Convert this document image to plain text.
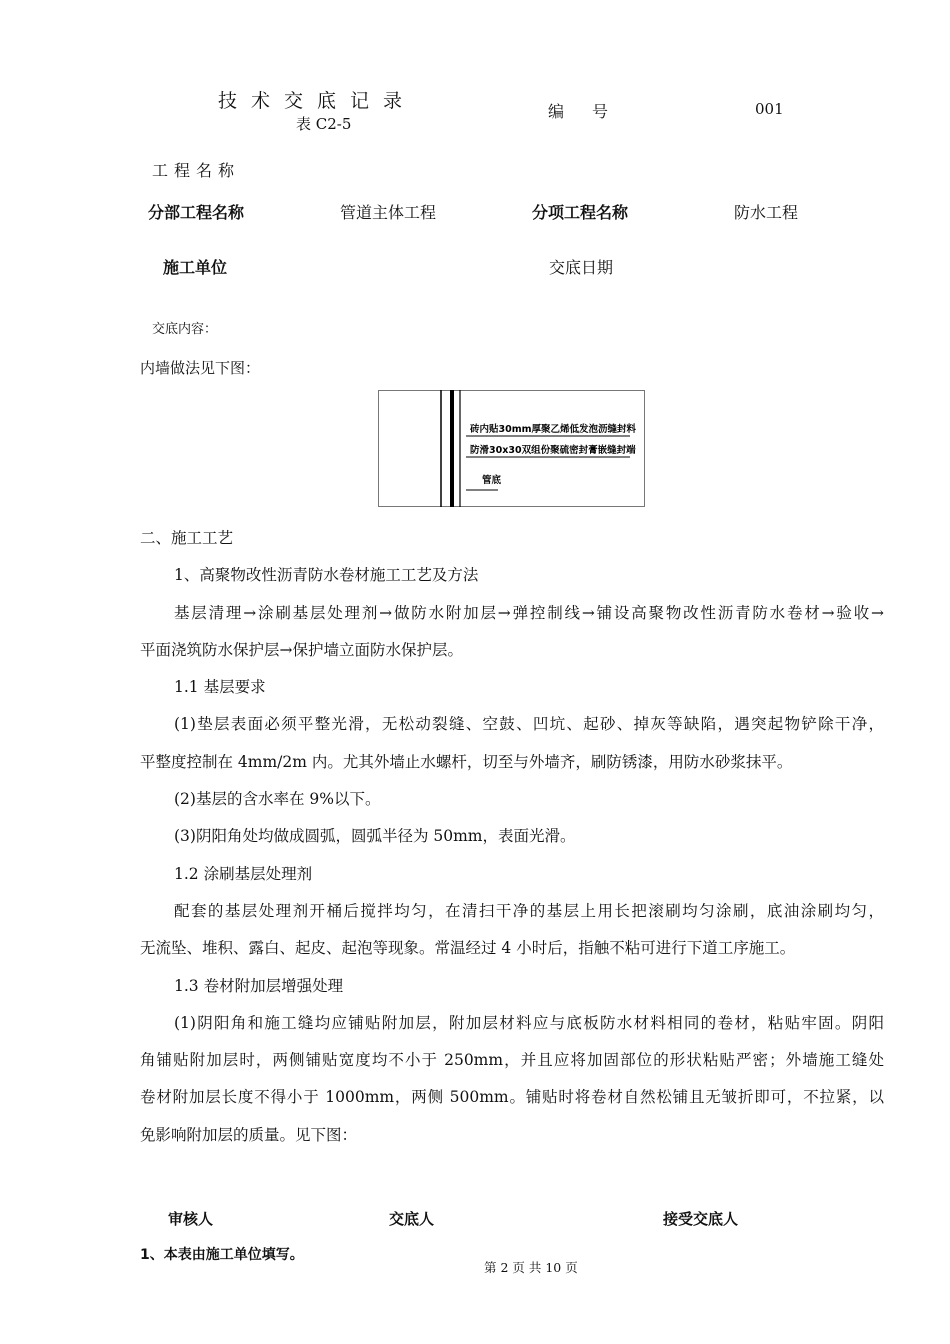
技术交底记录
表 C2-5
编号	001
工程名称
分部工程名称	管道主体工程	分项工程名称	防水工程
施工单位	交底日期
交底内容：
内墙做法见下图：
砖内贴30mm厚聚乙烯低发泡沥缝封料
防滑30x30双组份聚硫密封膏嵌缝封端
管底

二、施工工艺

1、高聚物改性沥青防水卷材施工工艺及方法

基层清理→涂刷基层处理剂→做防水附加层→弹控制线→铺设高聚物改性沥青防水卷材→验收→

平面浇筑防水保护层→保护墙立面防水保护层。

1.1 基层要求

(1)垫层表面必须平整光滑，无松动裂缝、空鼓、凹坑、起砂、掉灰等缺陷，遇突起物铲除干净，

平整度控制在 4mm/2m 内。尤其外墙止水螺杆，切至与外墙齐，刷防锈漆，用防水砂浆抹平。

(2)基层的含水率在 9%以下。

(3)阴阳角处均做成圆弧，圆弧半径为 50mm，表面光滑。

1.2 涂刷基层处理剂

配套的基层处理剂开桶后搅拌均匀，在清扫干净的基层上用长把滚刷均匀涂刷，底油涂刷均匀，

无流坠、堆积、露白、起皮、起泡等现象。常温经过 4 小时后，指触不粘可进行下道工序施工。

1.3 卷材附加层增强处理

(1)阴阳角和施工缝均应铺贴附加层，附加层材料应与底板防水材料相同的卷材，粘贴牢固。阴阳

角铺贴附加层时，两侧铺贴宽度均不小于 250mm，并且应将加固部位的形状粘贴严密；外墙施工缝处

卷材附加层长度不得小于 1000mm，两侧 500mm。铺贴时将卷材自然松铺且无皱折即可，不拉紧，以

免影响附加层的质量。见下图：

审核人	交底人	接受交底人
1、本表由施工单位填写。
第 2 页 共 10 页
